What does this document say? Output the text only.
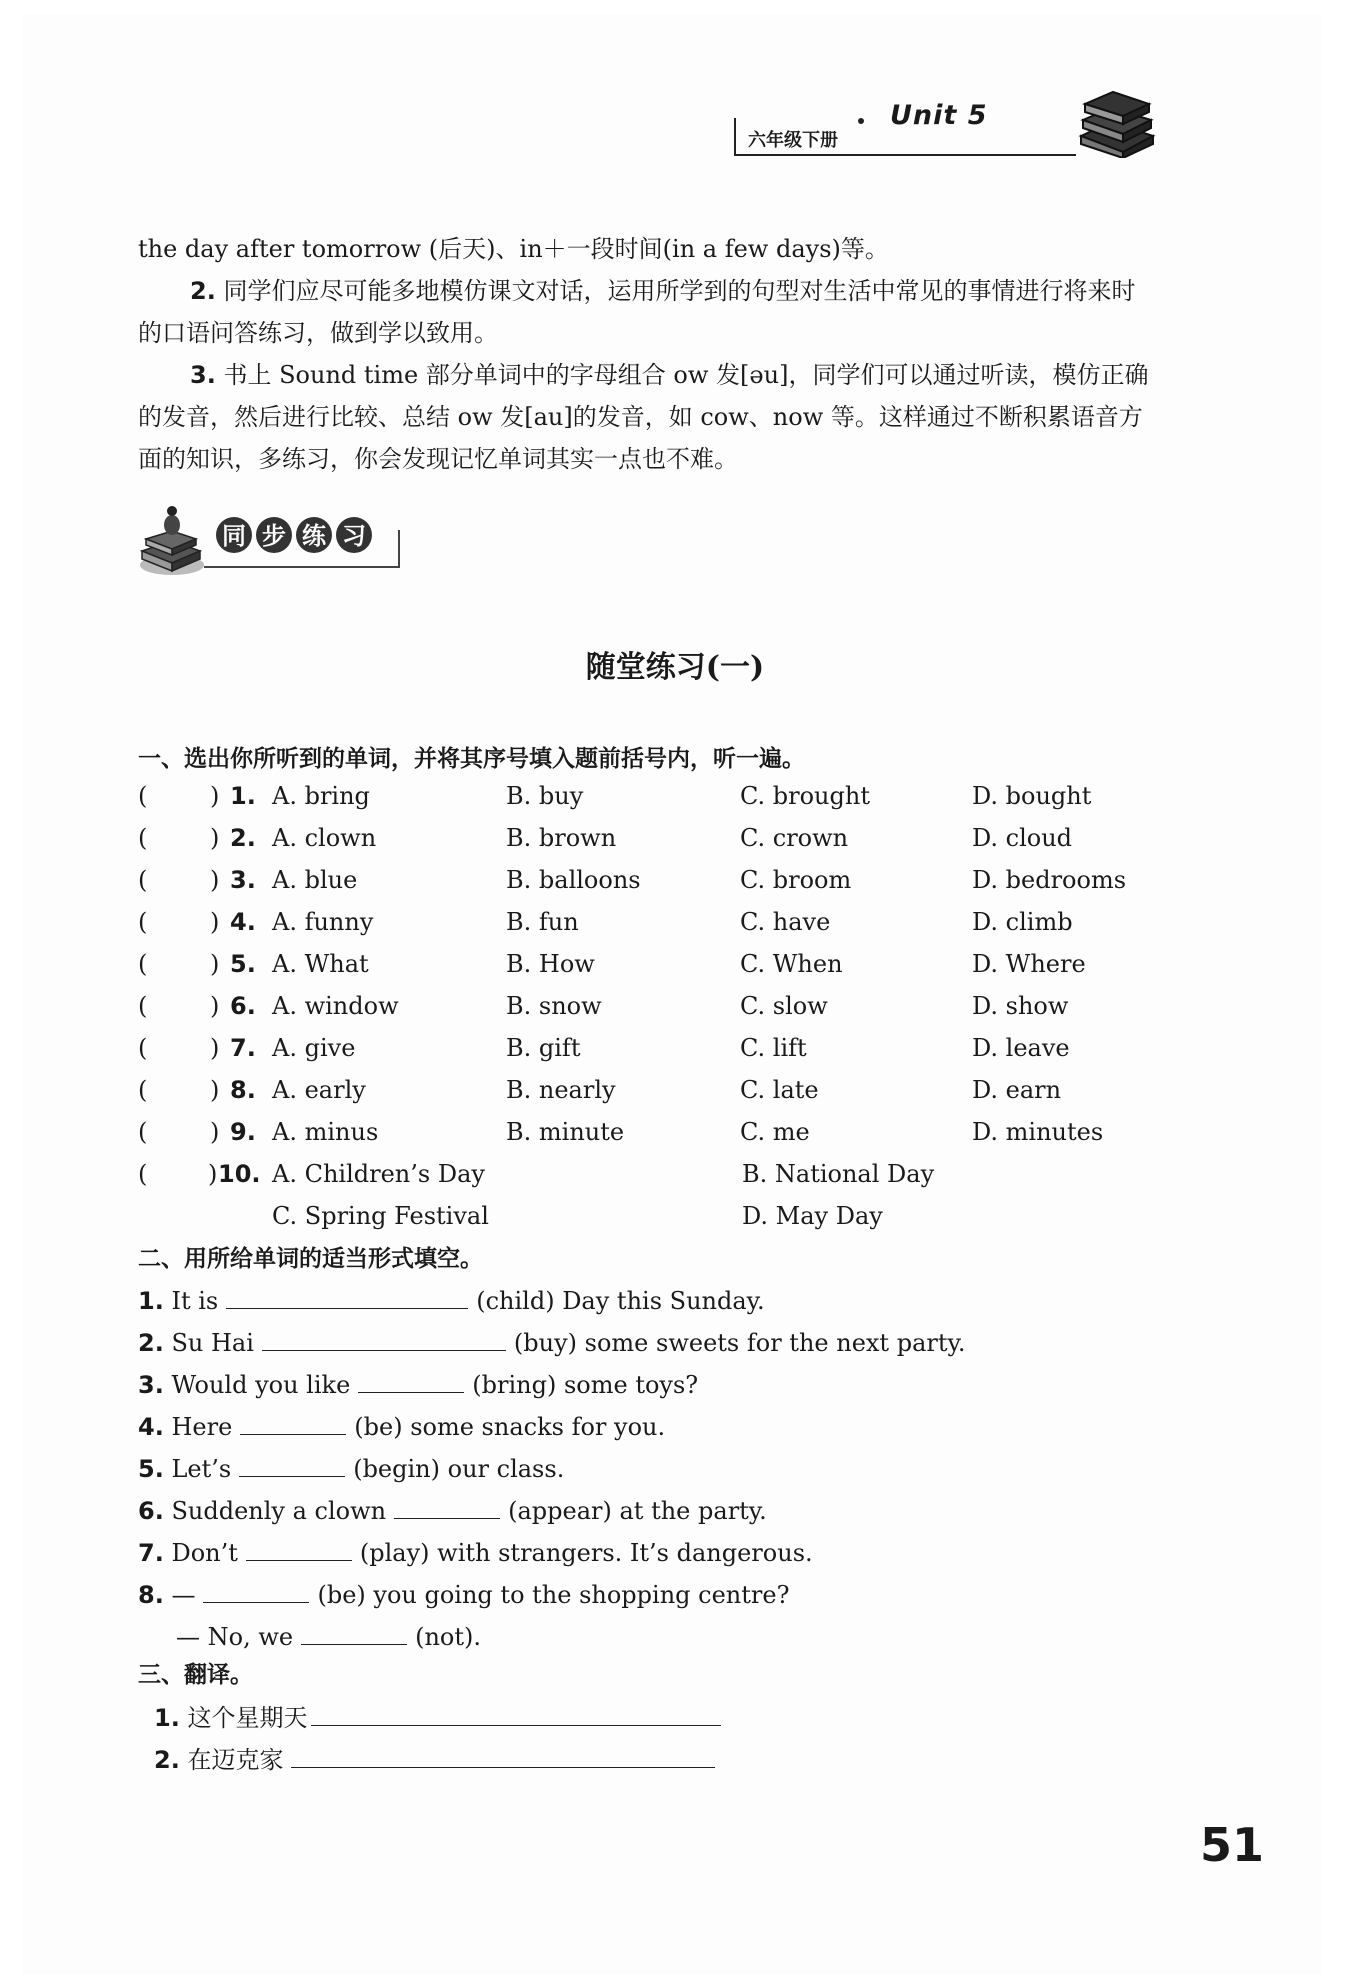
Unit 5
六年级下册
the day after tomorrow (后天)、in＋一段时间(in a few days)等。
2. 同学们应尽可能多地模仿课文对话，运用所学到的句型对生活中常见的事情进行将来时的口语问答练习，做到学以致用。
3. 书上 Sound time 部分单词中的字母组合 ow 发[əu]，同学们可以通过听读，模仿正确的发音，然后进行比较、总结 ow 发[au]的发音，如 cow、now 等。这样通过不断积累语音方面的知识，多练习，你会发现记忆单词其实一点也不难。
同 步 练 习
随堂练习(一)
一、选出你所听到的单词，并将其序号填入题前括号内，听一遍。
(	) 1. A. bring	B. buy	C. brought	D. bought
(	) 2. A. clown	B. brown	C. crown	D. cloud
(	) 3. A. blue	B. balloons	C. broom	D. bedrooms
(	) 4. A. funny	B. fun	C. have	D. climb
(	) 5. A. What	B. How	C. When	D. Where
(	) 6. A. window	B. snow	C. slow	D. show
(	) 7. A. give	B. gift	C. lift	D. leave
(	) 8. A. early	B. nearly	C. late	D. earn
(	) 9. A. minus	B. minute	C. me	D. minutes
(	) 10. A. Children’s Day	B. National Day
C. Spring Festival	D. May Day
二、用所给单词的适当形式填空。
1. It is	(child) Day this Sunday.
2. Su Hai	(buy) some sweets for the next party.
3. Would you like	(bring) some toys?
4. Here	(be) some snacks for you.
5. Let’s	(begin) our class.
6. Suddenly a clown	(appear) at the party.
7. Don’t	(play) with strangers. It’s dangerous.
8. —	(be) you going to the shopping centre?
— No, we	(not).
三、翻译。
1. 这个星期天
2. 在迈克家
51
